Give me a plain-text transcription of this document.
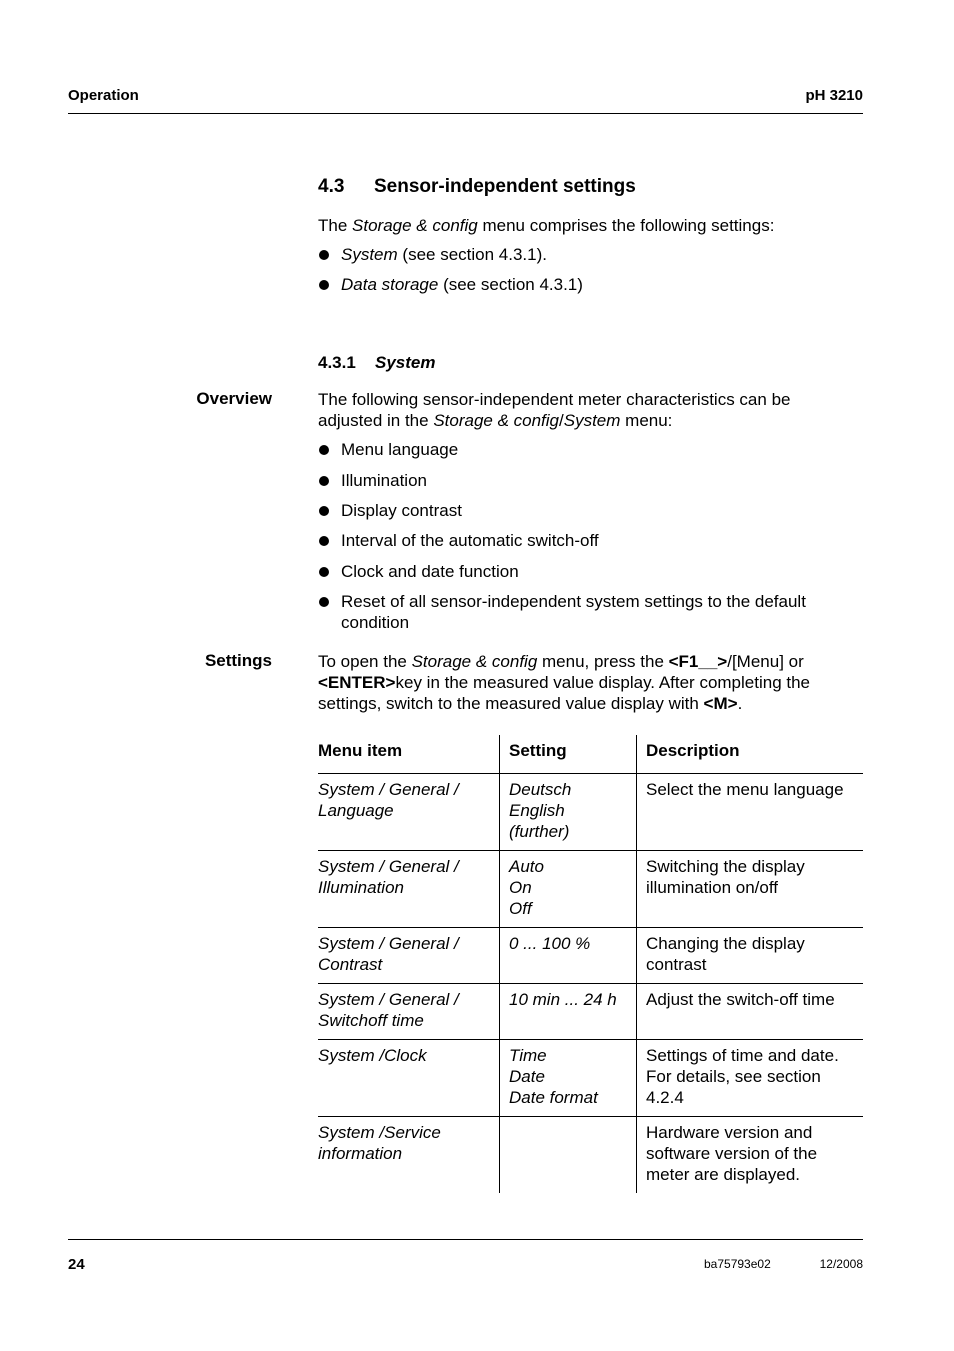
Operation	pH 3210
4.3 Sensor-independent settings
The Storage & config menu comprises the following settings:
System (see section 4.3.1).
Data storage (see section 4.3.1)
4.3.1 System
Overview	The following sensor-independent meter characteristics can be
adjusted in the Storage & config/System menu:
Menu language
Illumination
Display contrast
Interval of the automatic switch-off
Clock and date function
Reset of all sensor-independent system settings to the default condition
Settings	To open the Storage & config menu, press the <F1__>/[Menu] or <ENTER>key in the measured value display. After completing the settings, switch to the measured value display with <M>.
Menu item	Setting	Description

System / General /
Language	Deutsch
English
(further)	Select the menu language

System / General /
Illumination	Auto
On
Off	Switching the display illumination on/off

System / General /
Contrast	0 ... 100 %	Changing the display contrast

System / General /
Switchoff time	10 min ... 24 h	Adjust the switch-off time

System /Clock	Time
Date
Date format	Settings of time and date. For details, see section 4.2.4

System /Service
information		Hardware version and software version of the meter are displayed.
24	ba75793e02	12/2008
